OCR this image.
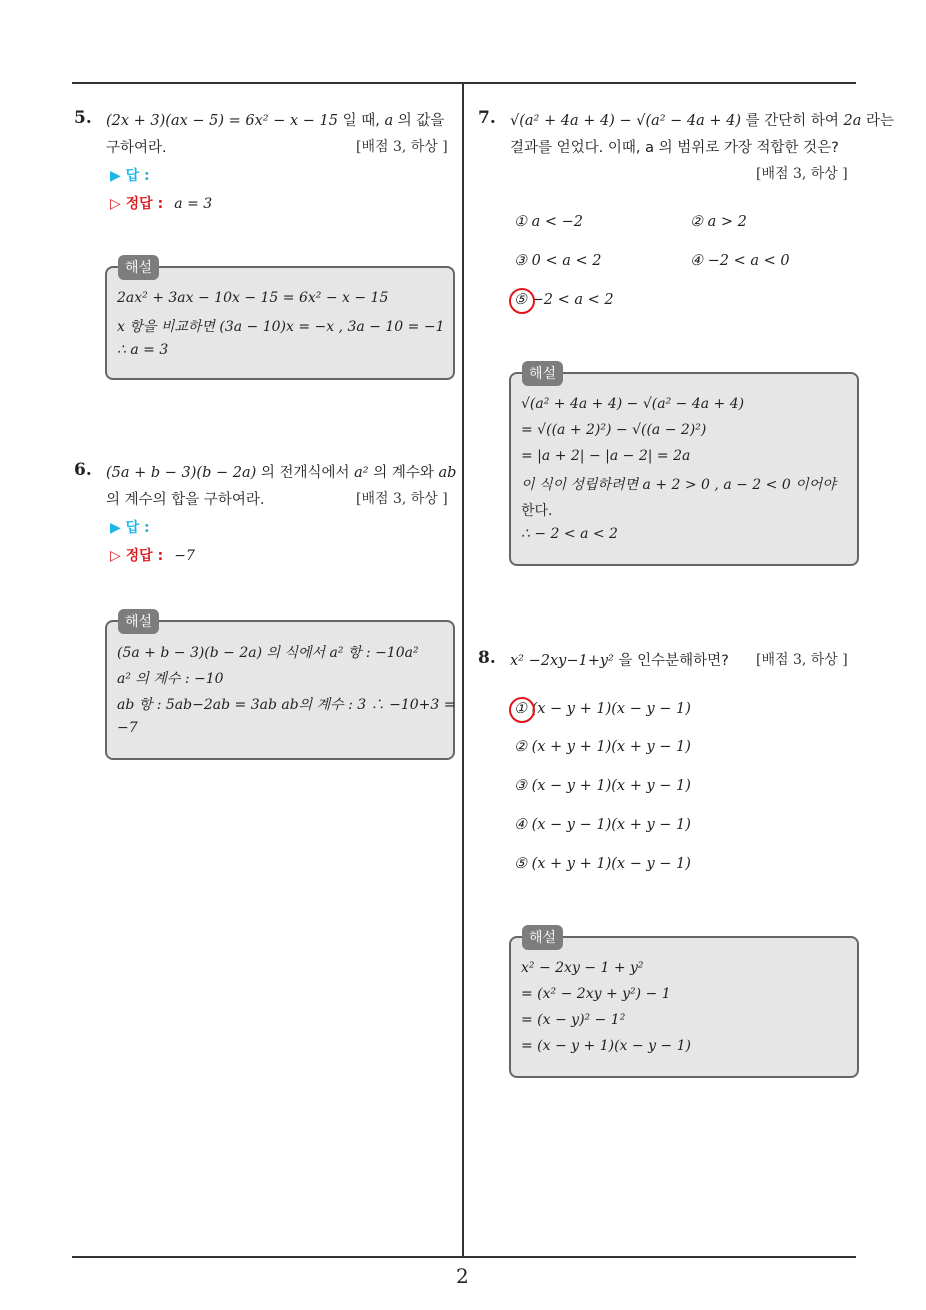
2
5. (2x + 3)(ax − 5) = 6x² − x − 15 일 때, a 의 값을
구하여라.	[배점 3, 하상 ]
▶ 답 :
▷ 정답 : a = 3
2ax² + 3ax − 10x − 15 = 6x² − x − 15
x 항을 비교하면 (3a − 10)x = −x , 3a − 10 = −1
∴ a = 3
해설
6. (5a + b − 3)(b − 2a) 의 전개식에서 a² 의 계수와 ab
의 계수의 합을 구하여라.	[배점 3, 하상 ]
▶ 답 :
▷ 정답 : −7
(5a + b − 3)(b − 2a) 의 식에서 a² 항 : −10a²
a² 의 계수 : −10
ab 항 : 5ab−2ab = 3ab ab의 계수 : 3 ∴ −10+3 =
−7
해설
7. √(a² + 4a + 4) − √(a² − 4a + 4) 를 간단히 하여 2a 라는
결과를 얻었다. 이때, a 의 범위로 가장 적합한 것은?
[배점 3, 하상 ]
① a < −2	② a > 2
③ 0 < a < 2	④ −2 < a < 0
⑤ −2 < a < 2
√(a² + 4a + 4) − √(a² − 4a + 4)
= √((a + 2)²) − √((a − 2)²)
= |a + 2| − |a − 2| = 2a
이 식이 성립하려면 a + 2 > 0 , a − 2 < 0 이어야
한다.
∴ − 2 < a < 2
해설
8. x² −2xy−1+y² 을 인수분해하면? [배점 3, 하상 ]
① (x − y + 1)(x − y − 1)
② (x + y + 1)(x + y − 1)
③ (x − y + 1)(x + y − 1)
④ (x − y − 1)(x + y − 1)
⑤ (x + y + 1)(x − y − 1)
x² − 2xy − 1 + y²
= (x² − 2xy + y²) − 1
= (x − y)² − 1²
= (x − y + 1)(x − y − 1)
해설
